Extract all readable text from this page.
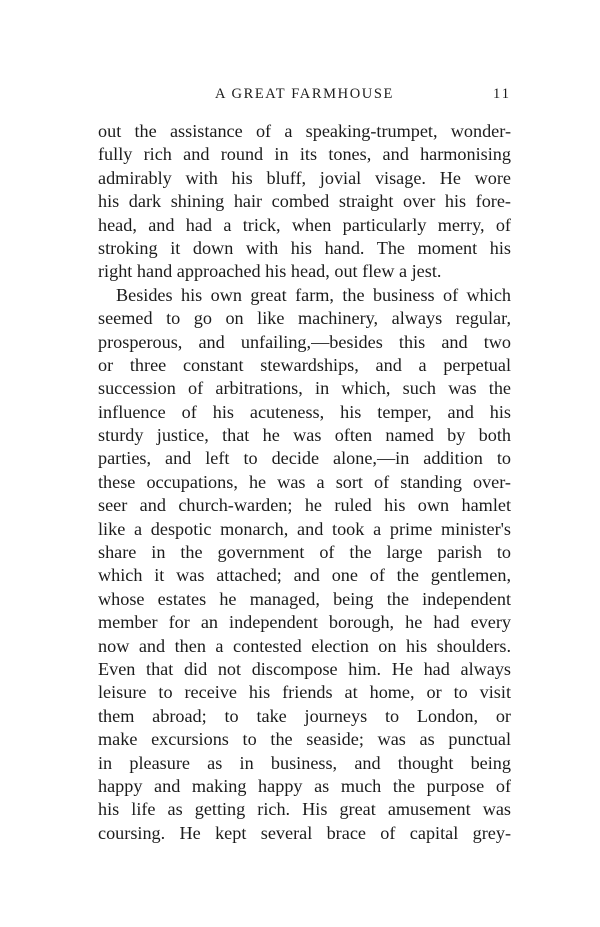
A GREAT FARMHOUSE	11
out the assistance of a speaking-trumpet, wonder-
fully rich and round in its tones, and harmonising
admirably with his bluff, jovial visage. He wore
his dark shining hair combed straight over his fore-
head, and had a trick, when particularly merry, of
stroking it down with his hand. The moment his
right hand approached his head, out flew a jest.
Besides his own great farm, the business of which
seemed to go on like machinery, always regular,
prosperous, and unfailing,—besides this and two
or three constant stewardships, and a perpetual
succession of arbitrations, in which, such was the
influence of his acuteness, his temper, and his
sturdy justice, that he was often named by both
parties, and left to decide alone,—in addition to
these occupations, he was a sort of standing over-
seer and church-warden; he ruled his own hamlet
like a despotic monarch, and took a prime minister's
share in the government of the large parish to
which it was attached; and one of the gentlemen,
whose estates he managed, being the independent
member for an independent borough, he had every
now and then a contested election on his shoulders.
Even that did not discompose him. He had always
leisure to receive his friends at home, or to visit
them abroad; to take journeys to London, or
make excursions to the seaside; was as punctual
in pleasure as in business, and thought being
happy and making happy as much the purpose of
his life as getting rich. His great amusement was
coursing. He kept several brace of capital grey-
